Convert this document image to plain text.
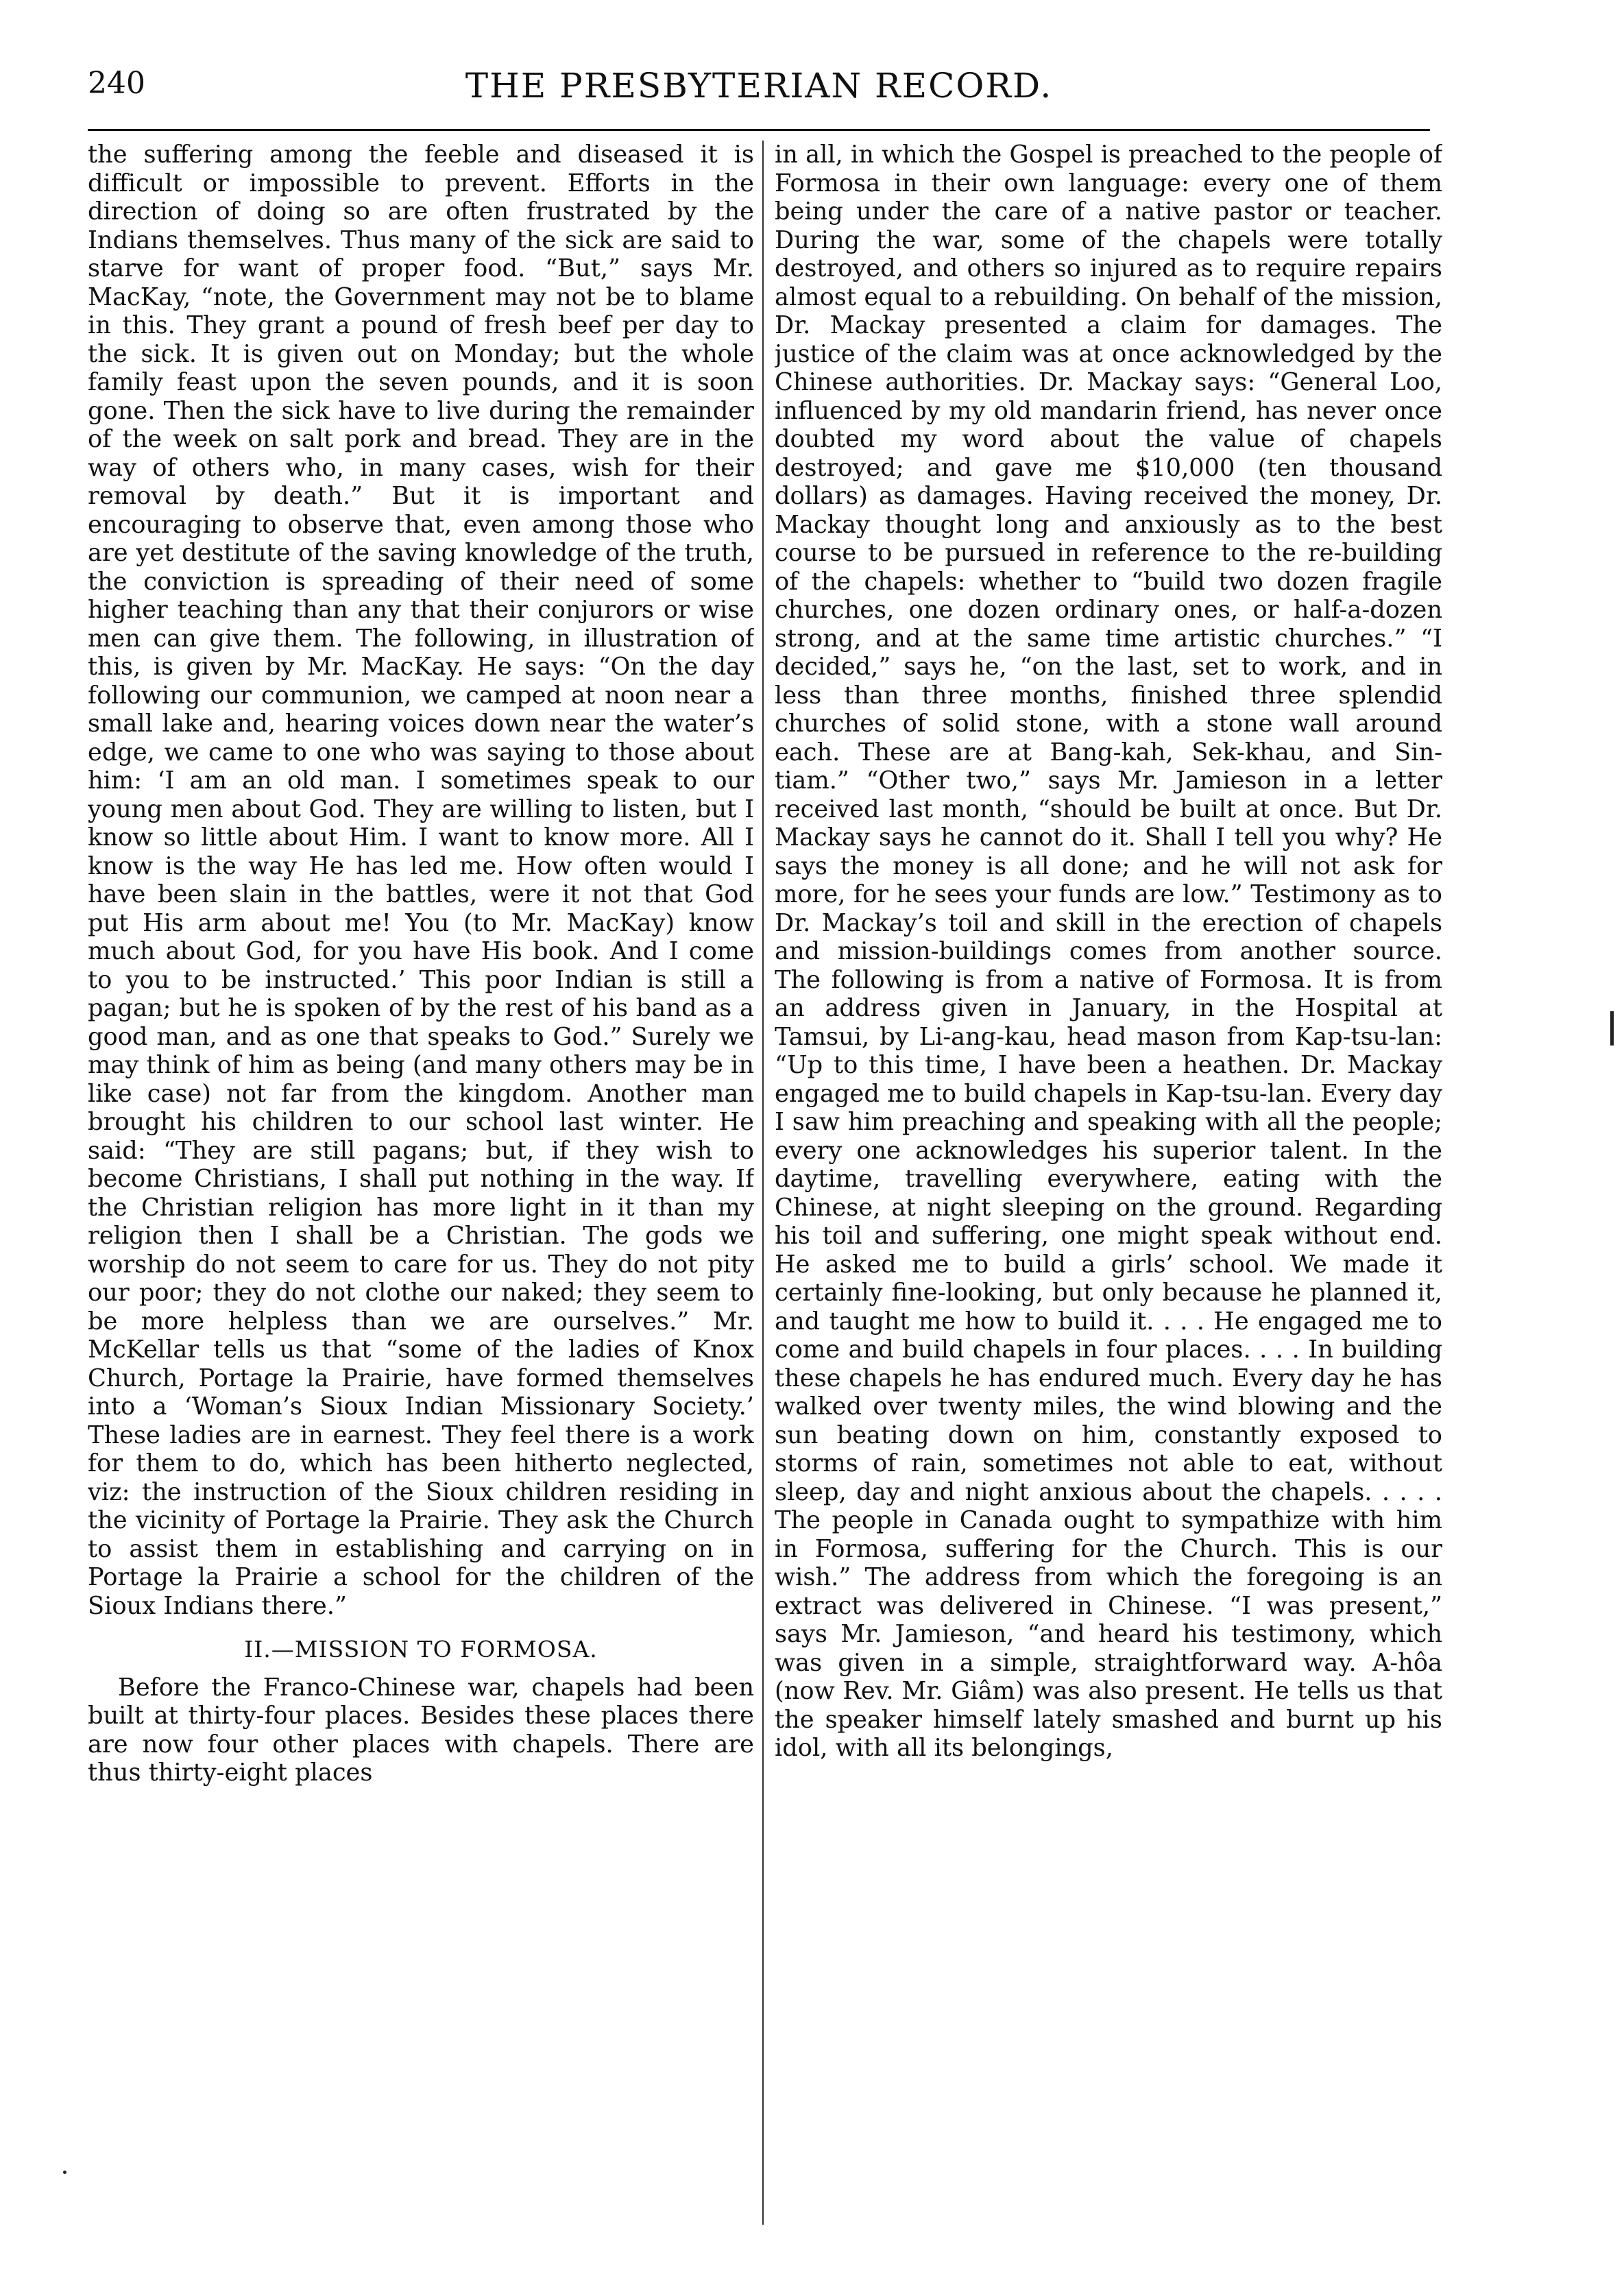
240	THE PRESBYTERIAN RECORD.

the suffering among the feeble and diseased it is difficult or impossible to prevent. Efforts in the direction of doing so are often frustrated by the Indians themselves. Thus many of the sick are said to starve for want of proper food. “But,” says Mr. MacKay, “note, the Government may not be to blame in this. They grant a pound of fresh beef per day to the sick. It is given out on Monday; but the whole family feast upon the seven pounds, and it is soon gone. Then the sick have to live during the remainder of the week on salt pork and bread. They are in the way of others who, in many cases, wish for their removal by death.” But it is important and encouraging to observe that, even among those who are yet destitute of the saving knowledge of the truth, the conviction is spreading of their need of some higher teaching than any that their conjurors or wise men can give them. The following, in illustration of this, is given by Mr. MacKay. He says: “On the day following our communion, we camped at noon near a small lake and, hearing voices down near the water’s edge, we came to one who was saying to those about him: ‘I am an old man. I sometimes speak to our young men about God. They are willing to listen, but I know so little about Him. I want to know more. All I know is the way He has led me. How often would I have been slain in the battles, were it not that God put His arm about me! You (to Mr. MacKay) know much about God, for you have His book. And I come to you to be instructed.’ This poor Indian is still a pagan; but he is spoken of by the rest of his band as a good man, and as one that speaks to God.” Surely we may think of him as being (and many others may be in like case) not far from the kingdom. Another man brought his children to our school last winter. He said: “They are still pagans; but, if they wish to become Christians, I shall put nothing in the way. If the Christian religion has more light in it than my religion then I shall be a Christian. The gods we worship do not seem to care for us. They do not pity our poor; they do not clothe our naked; they seem to be more helpless than we are ourselves.” Mr. McKellar tells us that “some of the ladies of Knox Church, Portage la Prairie, have formed themselves into a ‘Woman’s Sioux Indian Missionary Society.’ These ladies are in earnest. They feel there is a work for them to do, which has been hitherto neglected, viz: the instruction of the Sioux children residing in the vicinity of Portage la Prairie. They ask the Church to assist them in establishing and carrying on in Portage la Prairie a school for the children of the Sioux Indians there.”

II.—MISSION TO FORMOSA.

Before the Franco-Chinese war, chapels had been built at thirty-four places. Besides these places there are now four other places with chapels. There are thus thirty-eight places

in all, in which the Gospel is preached to the people of Formosa in their own language: every one of them being under the care of a native pastor or teacher. During the war, some of the chapels were totally destroyed, and others so injured as to require repairs almost equal to a rebuilding. On behalf of the mission, Dr. Mackay presented a claim for damages. The justice of the claim was at once acknowledged by the Chinese authorities. Dr. Mackay says: “General Loo, influenced by my old mandarin friend, has never once doubted my word about the value of chapels destroyed; and gave me $10,000 (ten thousand dollars) as damages. Having received the money, Dr. Mackay thought long and anxiously as to the best course to be pursued in reference to the re-building of the chapels: whether to “build two dozen fragile churches, one dozen ordinary ones, or half-a-dozen strong, and at the same time artistic churches.” “I decided,” says he, “on the last, set to work, and in less than three months, finished three splendid churches of solid stone, with a stone wall around each. These are at Bang-kah, Sek-khau, and Sin-tiam.” “Other two,” says Mr. Jamieson in a letter received last month, “should be built at once. But Dr. Mackay says he cannot do it. Shall I tell you why? He says the money is all done; and he will not ask for more, for he sees your funds are low.” Testimony as to Dr. Mackay’s toil and skill in the erection of chapels and mission-buildings comes from another source. The following is from a native of Formosa. It is from an address given in January, in the Hospital at Tamsui, by Li-ang-kau, head mason from Kap-tsu-lan: “Up to this time, I have been a heathen. Dr. Mackay engaged me to build chapels in Kap-tsu-lan. Every day I saw him preaching and speaking with all the people; every one acknowledges his superior talent. In the daytime, travelling everywhere, eating with the Chinese, at night sleeping on the ground. Regarding his toil and suffering, one might speak without end. He asked me to build a girls’ school. We made it certainly fine-looking, but only because he planned it, and taught me how to build it. . . . He engaged me to come and build chapels in four places. . . . In building these chapels he has endured much. Every day he has walked over twenty miles, the wind blowing and the sun beating down on him, constantly exposed to storms of rain, sometimes not able to eat, without sleep, day and night anxious about the chapels. . . . . The people in Canada ought to sympathize with him in Formosa, suffering for the Church. This is our wish.” The address from which the foregoing is an extract was delivered in Chinese. “I was present,” says Mr. Jamieson, “and heard his testimony, which was given in a simple, straightforward way. A-hôa (now Rev. Mr. Giâm) was also present. He tells us that the speaker himself lately smashed and burnt up his idol, with all its belongings,
